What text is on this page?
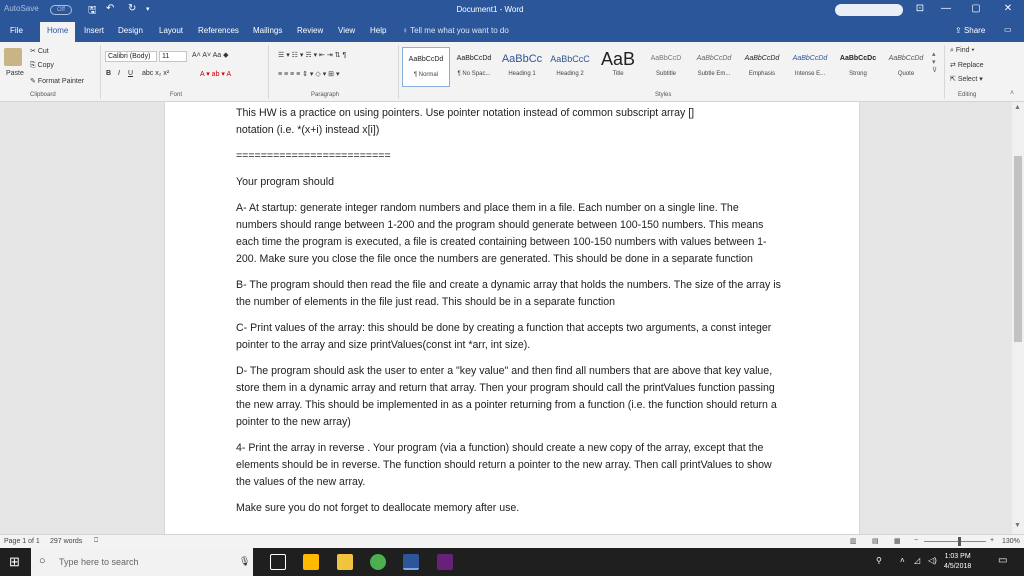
AutoSave	Off	🖫 ↶ ↻ ▾	Document1 - Word	⊡	—	▢	✕
File	Home	Insert Design Layout References Mailings Review View Help ♀ Tell me what you want to do	⇪ Share ▭
Paste
✂ Cut
⎘ Copy
✎ Format Painter
Clipboard
Calibri (Body)	11	A˄ A˅ Aa ◆
B I U abc x₂ x²	A ▾ ab ▾ A
Font
☰ ▾ ☷ ▾ ☴ ▾ ⇤ ⇥ ⇅ ¶
≡ ≡ ≡ ≡ ⇕ ▾ ◇ ▾ ⊞ ▾
Paragraph
AaBbCcDd
¶ Normal
AaBbCcDd
¶ No Spac...
AaBbCc
Heading 1
AaBbCcC
Heading 2
AaB
Title
AaBbCcD
Subtitle
AaBbCcDd
Subtle Em...
AaBbCcDd
Emphasis
AaBbCcDd
Intense E...
AaBbCcDc
Strong
AaBbCcDd
Quote
▴
▾
⊽
Styles
⌕ Find ▾
⇄ Replace
⇱ Select ▾
Editing	˄

This HW is a practice on using pointers. Use pointer notation instead of common subscript array []
notation (i.e. *(x+i) instead x[i])

=========================

Your program should

A- At startup: generate integer random numbers and place them in a file. Each number on a single line. The numbers should range between 1-200 and the program should generate between 100-150 numbers. This means each time the program is executed, a file is created containing between 100-150 numbers with values between 1-200. Make sure you close the file once the numbers are generated. This should be done in a separate function

B- The program should then read the file and create a dynamic array that holds the numbers. The size of the array is the number of elements in the file just read. This should be in a separate function

C- Print values of the array: this should be done by creating a function that accepts two arguments, a const integer pointer to the array and size printValues(const int *arr, int size).

D- The program should ask the user to enter a "key value" and then find all numbers that are above that key value, store them in a dynamic array and return that array. Then your program should call the printValues function passing the new array. This should be implemented in as a pointer returning from a function (i.e. the function should return a pointer to the new array)

4- Print the array in reverse . Your program (via a function) should create a new copy of the array, except that the elements should be in reverse. The function should return a pointer to the new array. Then call printValues to show the values of the new array.

Make sure you do not forget to deallocate memory after use.

▲
▼
Page 1 of 1 297 words ⎕	▥ ▤ ▦ −	+ 130%
⊞ ○ Type here to search	🎙	⚲ ˄ ◿ ◁) 1:03 PM
4/5/2018
▭
